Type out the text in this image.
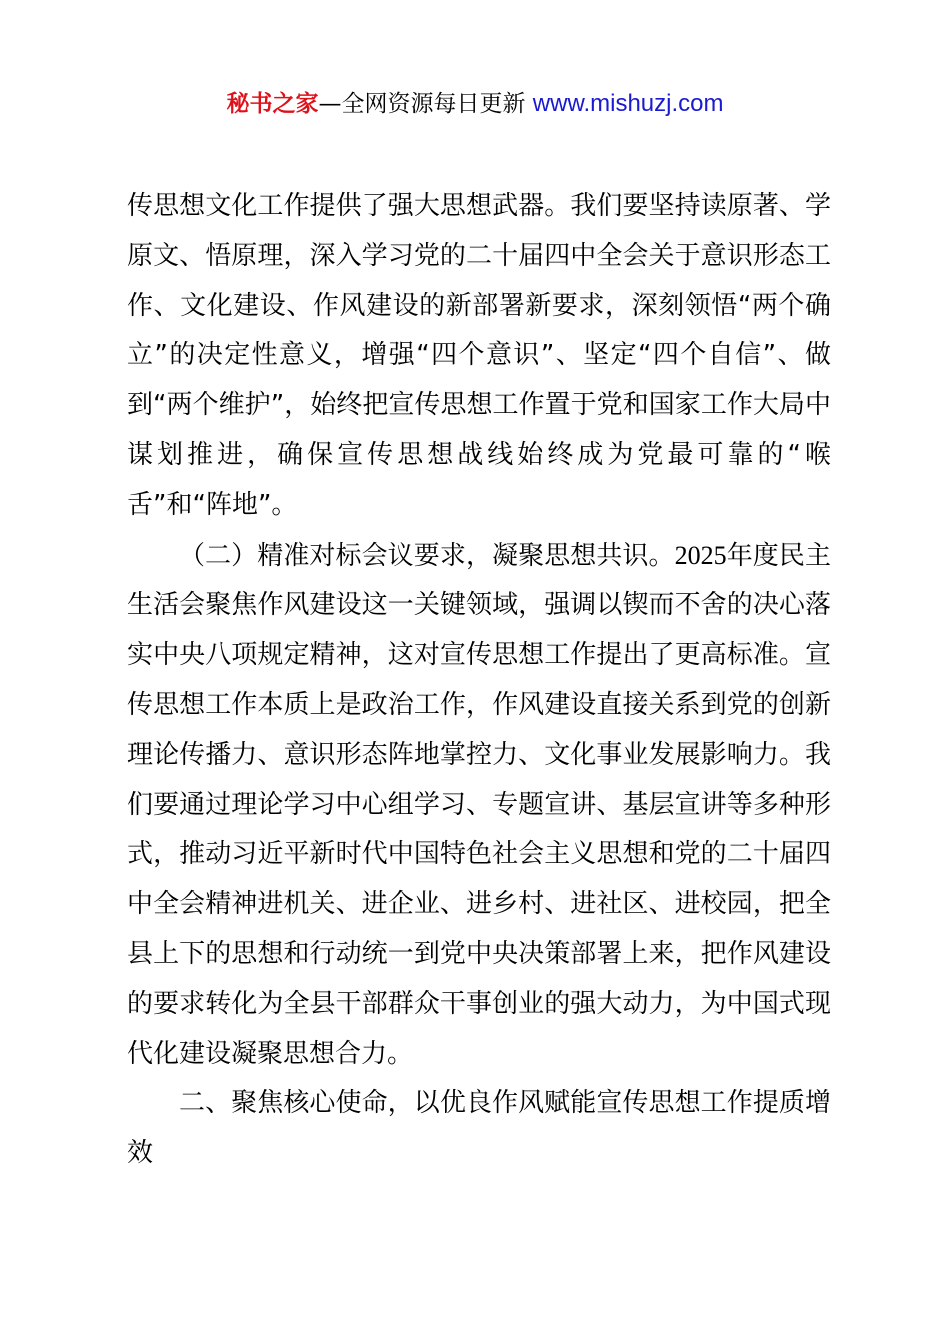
秘书之家—全网资源每日更新 www.mishuzj.com

传思想文化工作提供了强大思想武器。我们要坚持读原著、学原文、悟原理，深入学习党的二十届四中全会关于意识形态工作、文化建设、作风建设的新部署新要求，深刻领悟“两个确立”的决定性意义，增强“四个意识”、坚定“四个自信”、做到“两个维护”，始终把宣传思想工作置于党和国家工作大局中谋划推进，确保宣传思想战线始终成为党最可靠的“喉舌”和“阵地”。

（二）精准对标会议要求，凝聚思想共识。2025年度民主生活会聚焦作风建设这一关键领域，强调以锲而不舍的决心落实中央八项规定精神，这对宣传思想工作提出了更高标准。宣传思想工作本质上是政治工作，作风建设直接关系到党的创新理论传播力、意识形态阵地掌控力、文化事业发展影响力。我们要通过理论学习中心组学习、专题宣讲、基层宣讲等多种形式，推动习近平新时代中国特色社会主义思想和党的二十届四中全会精神进机关、进企业、进乡村、进社区、进校园，把全县上下的思想和行动统一到党中央决策部署上来，把作风建设的要求转化为全县干部群众干事创业的强大动力，为中国式现代化建设凝聚思想合力。

二、聚焦核心使命，以优良作风赋能宣传思想工作提质增效
